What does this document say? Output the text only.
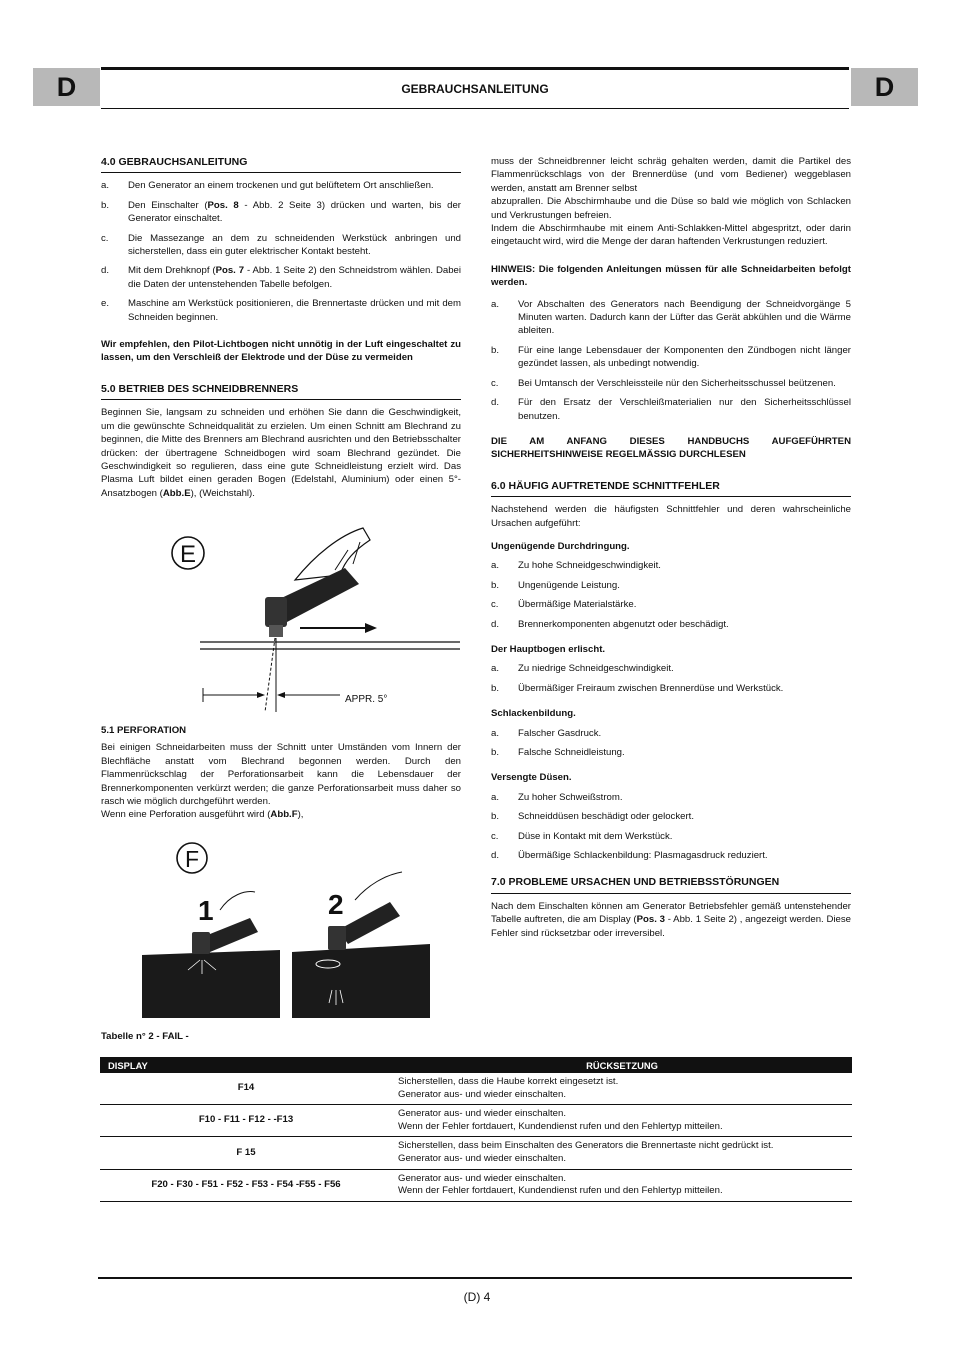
D	GEBRAUCHSANLEITUNG	D
4.0 GEBRAUCHSANLEITUNG
a.	Den Generator an einem trockenen und gut belüftetem Ort anschließen.
b.	Den Einschalter (Pos. 8 - Abb. 2 Seite 3) drücken und warten, bis der Generator einschaltet.
c.	Die Massezange an dem zu schneidenden Werkstück anbringen und sicherstellen, dass ein guter elektrischer Kontakt besteht.
d.	Mit dem Drehknopf (Pos. 7 - Abb. 1 Seite 2) den Schneidstrom wählen. Dabei die Daten der untenstehenden Tabelle befolgen.
e.	Maschine am Werkstück positionieren, die Brennertaste drücken und mit dem Schneiden beginnen.
Wir empfehlen, den Pilot-Lichtbogen nicht unnötig in der Luft eingeschaltet zu lassen, um den Verschleiß der Elektrode und der Düse zu vermeiden
5.0 BETRIEB DES SCHNEIDBRENNERS
Beginnen Sie, langsam zu schneiden und erhöhen Sie dann die Geschwindigkeit, um die gewünschte Schneidqualität zu erzielen. Um einen Schnitt am Blechrand zu beginnen, die Mitte des Brenners am Blechrand ausrichten und den Betriebsschalter drücken: der übertragene Schneidbogen wird soam Blechrand gezündet. Die Geschwindigkeit so regulieren, dass eine gute Schneidleistung erzielt wird. Das Plasma Luft bildet einen geraden Bogen (Edelstahl, Aluminium) oder einen 5°-Ansatzbogen (Abb.E), (Weichstahl).
E
APPR. 5°
5.1 PERFORATION
Bei einigen Schneidarbeiten muss der Schnitt unter Umständen vom Innern der Blechfläche anstatt vom Blechrand begonnen werden. Durch den Flammenrückschlag der Perforationsarbeit kann die Lebensdauer der Brennerkomponenten verkürzt werden; die ganze Perforationsarbeit muss daher so rasch wie möglich durchgeführt werden.
Wenn eine Perforation ausgeführt wird (Abb.F),
F
1	2
Tabelle n° 2 - FAIL -
muss der Schneidbrenner leicht schräg gehalten werden, damit die Partikel des Flammenrückschlags von der Brennerdüse (und vom Bediener) weggeblasen werden, anstatt am Brenner selbst
abzuprallen. Die Abschirmhaube und die Düse so bald wie möglich von Schlacken und Verkrustungen befreien.
Indem die Abschirmhaube mit einem Anti-Schlakken-Mittel abgespritzt, oder darin eingetaucht wird, wird die Menge der daran haftenden Verkrustungen reduziert.
HINWEIS: Die folgenden Anleitungen müssen für alle Schneidarbeiten befolgt werden.
a.	Vor Abschalten des Generators nach Beendigung der Schneidvorgänge 5 Minuten warten. Dadurch kann der Lüfter das Gerät abkühlen und die Wärme ableiten.
b.	Für eine lange Lebensdauer der Komponenten den Zündbogen nicht länger gezündet lassen, als unbedingt notwendig.
c.	Bei Umtansch der Verschleissteile nür den Sicherheitsschussel beützenen.
d.	Für den Ersatz der Verschleißmaterialien nur den Sicherheitsschlüssel benutzen.
DIE AM ANFANG DIESES HANDBUCHS AUFGEFÜHRTEN SICHERHEITSHINWEISE REGELMÄSSIG DURCHLESEN
6.0 HÄUFIG AUFTRETENDE SCHNITTFEHLER
Nachstehend werden die häufigsten Schnittfehler und deren wahrscheinliche Ursachen aufgeführt:
Ungenügende Durchdringung.
a.	Zu hohe Schneidgeschwindigkeit.
b.	Ungenügende Leistung.
c.	Übermäßige Materialstärke.
d.	Brennerkomponenten abgenutzt oder beschädigt.
Der Hauptbogen erlischt.
a.	Zu niedrige Schneidgeschwindigkeit.
b.	Übermäßiger Freiraum zwischen Brennerdüse und Werkstück.
Schlackenbildung.
a.	Falscher Gasdruck.
b.	Falsche Schneidleistung.
Versengte Düsen.
a.	Zu hoher Schweißstrom.
b.	Schneiddüsen beschädigt oder gelockert.
c.	Düse in Kontakt mit dem Werkstück.
d.	Übermäßige Schlackenbildung: Plasmagasdruck reduziert.
7.0 PROBLEME URSACHEN UND BETRIEBSSTÖRUNGEN
Nach dem Einschalten können am Generator Betriebsfehler gemäß untenstehender Tabelle auftreten, die am Display (Pos. 3 - Abb. 1 Seite 2) , angezeigt werden. Diese Fehler sind rücksetzbar oder irreversibel.
DISPLAY	RÜCKSETZUNG
F14	Sicherstellen, dass die Haube korrekt eingesetzt ist.
Generator aus- und wieder einschalten.

F10 - F11 - F12 - -F13	Generator aus- und wieder einschalten.
Wenn der Fehler fortdauert, Kundendienst rufen und den Fehlertyp mitteilen.

F 15	Sicherstellen, dass beim Einschalten des Generators die Brennertaste nicht gedrückt ist.
Generator aus- und wieder einschalten.

F20 - F30 - F51 - F52 - F53 - F54 -F55 - F56	Generator aus- und wieder einschalten.
Wenn der Fehler fortdauert, Kundendienst rufen und den Fehlertyp mitteilen.
(D) 4
